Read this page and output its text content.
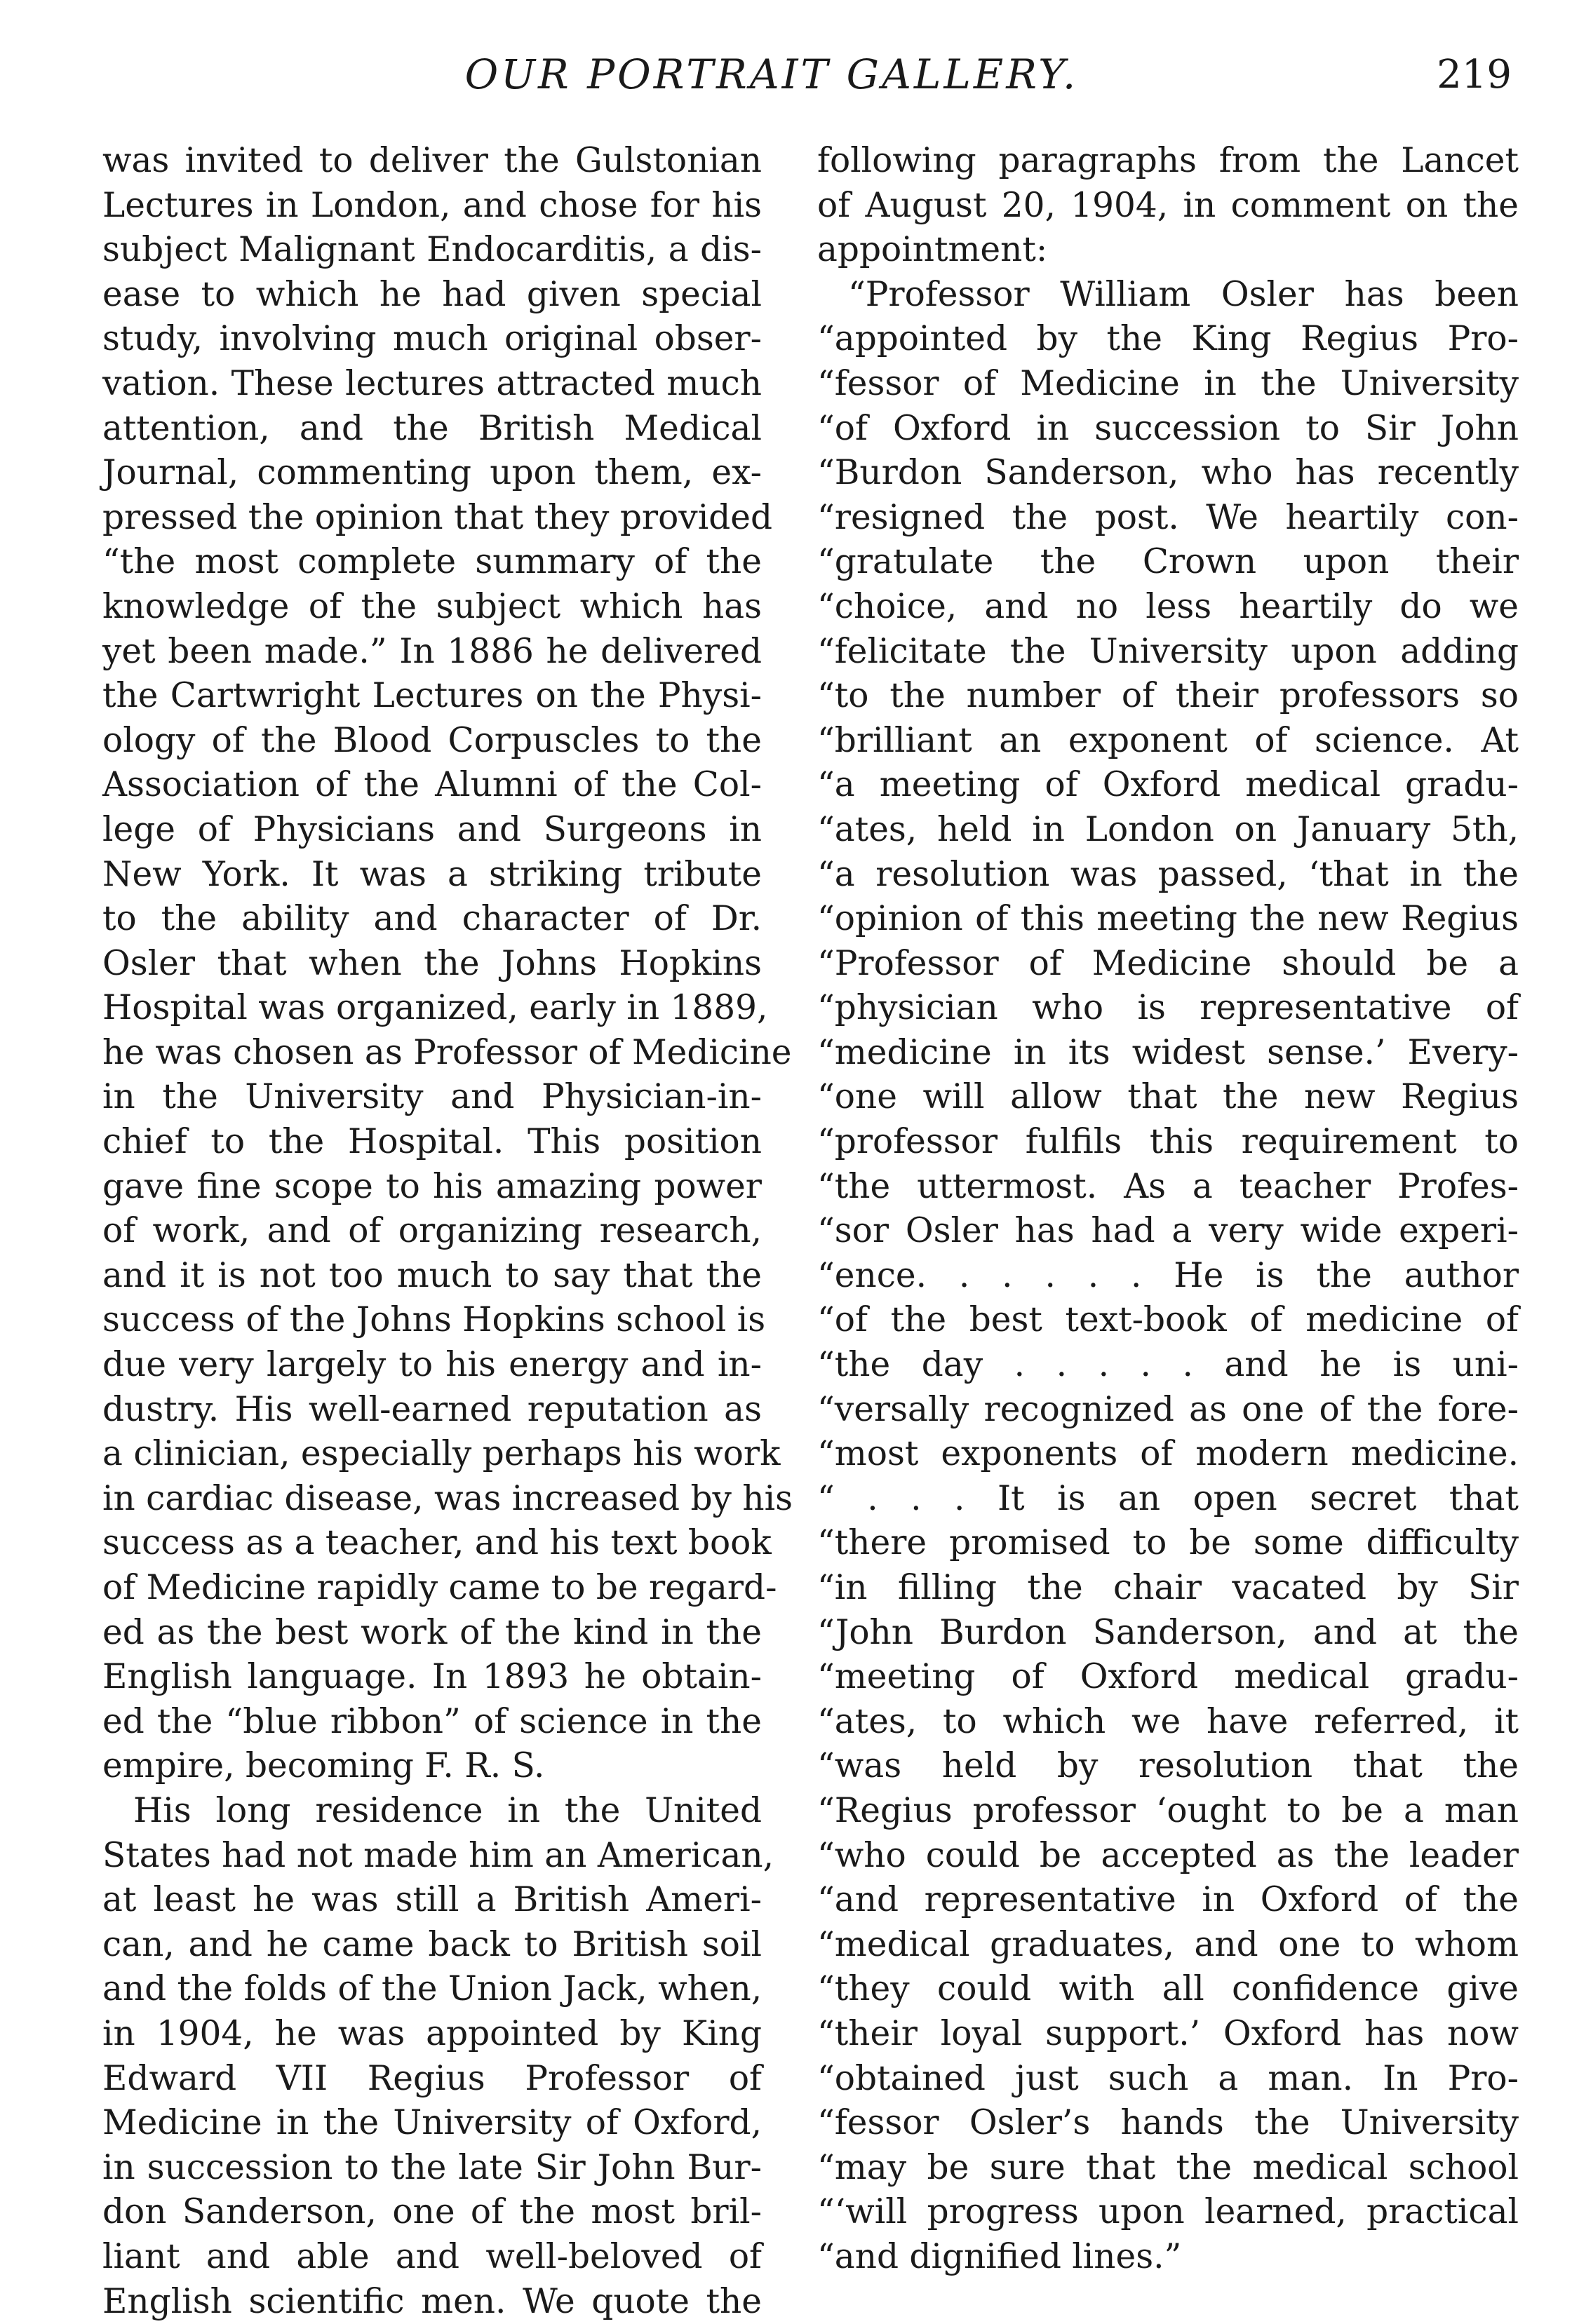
OUR PORTRAIT GALLERY.	219
was invited to deliver the Gulstonian
Lectures in London, and chose for his
subject Malignant Endocarditis, a dis-
ease to which he had given special
study, involving much original obser-
vation. These lectures attracted much
attention, and the British Medical
Journal, commenting upon them, ex-
pressed the opinion that they provided
“the most complete summary of the
knowledge of the subject which has
yet been made.” In 1886 he delivered
the Cartwright Lectures on the Physi-
ology of the Blood Corpuscles to the
Association of the Alumni of the Col-
lege of Physicians and Surgeons in
New York. It was a striking tribute
to the ability and character of Dr.
Osler that when the Johns Hopkins
Hospital was organized, early in 1889,
he was chosen as Professor of Medicine
in the University and Physician-in-
chief to the Hospital. This position
gave fine scope to his amazing power
of work, and of organizing research,
and it is not too much to say that the
success of the Johns Hopkins school is
due very largely to his energy and in-
dustry. His well-earned reputation as
a clinician, especially perhaps his work
in cardiac disease, was increased by his
success as a teacher, and his text book
of Medicine rapidly came to be regard-
ed as the best work of the kind in the
English language. In 1893 he obtain-
ed the “blue ribbon” of science in the
empire, becoming F. R. S.
His long residence in the United
States had not made him an American,
at least he was still a British Ameri-
can, and he came back to British soil
and the folds of the Union Jack, when,
in 1904, he was appointed by King
Edward VII Regius Professor of
Medicine in the University of Oxford,
in succession to the late Sir John Bur-
don Sanderson, one of the most bril-
liant and able and well-beloved of
English scientific men. We quote the
following paragraphs from the Lancet
of August 20, 1904, in comment on the
appointment:
“Professor William Osler has been
“appointed by the King Regius Pro-
“fessor of Medicine in the University
“of Oxford in succession to Sir John
“Burdon Sanderson, who has recently
“resigned the post. We heartily con-
“gratulate the Crown upon their
“choice, and no less heartily do we
“felicitate the University upon adding
“to the number of their professors so
“brilliant an exponent of science. At
“a meeting of Oxford medical gradu-
“ates, held in London on January 5th,
“a resolution was passed, ‘that in the
“opinion of this meeting the new Regius
“Professor of Medicine should be a
“physician who is representative of
“medicine in its widest sense.’ Every-
“one will allow that the new Regius
“professor fulfils this requirement to
“the uttermost. As a teacher Profes-
“sor Osler has had a very wide experi-
“ence. . . . . . He is the author
“of the best text-book of medicine of
“the day . . . . . and he is uni-
“versally recognized as one of the fore-
“most exponents of modern medicine.
“ . . . It is an open secret that
“there promised to be some difficulty
“in filling the chair vacated by Sir
“John Burdon Sanderson, and at the
“meeting of Oxford medical gradu-
“ates, to which we have referred, it
“was held by resolution that the
“Regius professor ‘ought to be a man
“who could be accepted as the leader
“and representative in Oxford of the
“medical graduates, and one to whom
“they could with all confidence give
“their loyal support.’ Oxford has now
“obtained just such a man. In Pro-
“fessor Osler’s hands the University
“may be sure that the medical school
“‘will progress upon learned, practical
“and dignified lines.”
